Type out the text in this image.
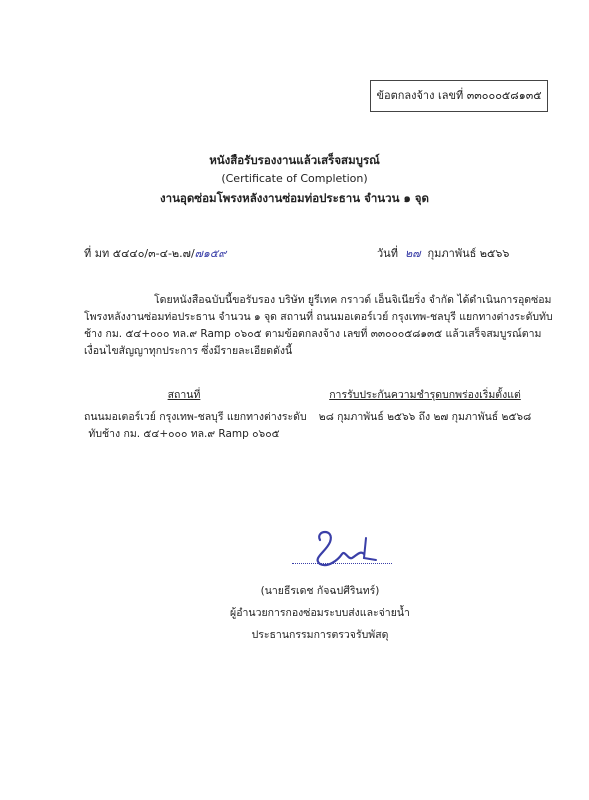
ข้อตกลงจ้าง เลขที่ ๓๓๐๐๐๕๘๑๓๕
หนังสือรับรองงานแล้วเสร็จสมบูรณ์
(Certificate of Completion)
งานอุดซ่อมโพรงหลังงานซ่อมท่อประธาน จำนวน ๑ จุด
ที่ มท ๕๔๔๐/๓-๔-๒.๗/๗๑๕๙	วันที่ ๒๗ กุมภาพันธ์ ๒๕๖๖
โดยหนังสือฉบับนี้ขอรับรอง บริษัท ยูรีเทค กราวด์ เอ็นจิเนียริ่ง จำกัด ได้ดำเนินการอุดซ่อม
โพรงหลังงานซ่อมท่อประธาน จำนวน ๑ จุด สถานที่ ถนนมอเตอร์เวย์ กรุงเทพ-ชลบุรี แยกทางต่างระดับทับ
ช้าง กม. ๕๔+๐๐๐ ทล.๙ Ramp ๐๖๐๕ ตามข้อตกลงจ้าง เลขที่ ๓๓๐๐๐๕๘๑๓๕ แล้วเสร็จสมบูรณ์ตาม
เงื่อนไขสัญญาทุกประการ ซึ่งมีรายละเอียดดังนี้
สถานที่
ถนนมอเตอร์เวย์ กรุงเทพ-ชลบุรี แยกทางต่างระดับ
ทับช้าง กม. ๕๔+๐๐๐ ทล.๙ Ramp ๐๖๐๕
การรับประกันความชำรุดบกพร่องเริ่มตั้งแต่
๒๘ กุมภาพันธ์ ๒๕๖๖ ถึง ๒๗ กุมภาพันธ์ ๒๕๖๘
(นายธีรเดช กัจฉปศีรินทร์)
ผู้อำนวยการกองซ่อมระบบส่งและจ่ายน้ำ
ประธานกรรมการตรวจรับพัสดุ
